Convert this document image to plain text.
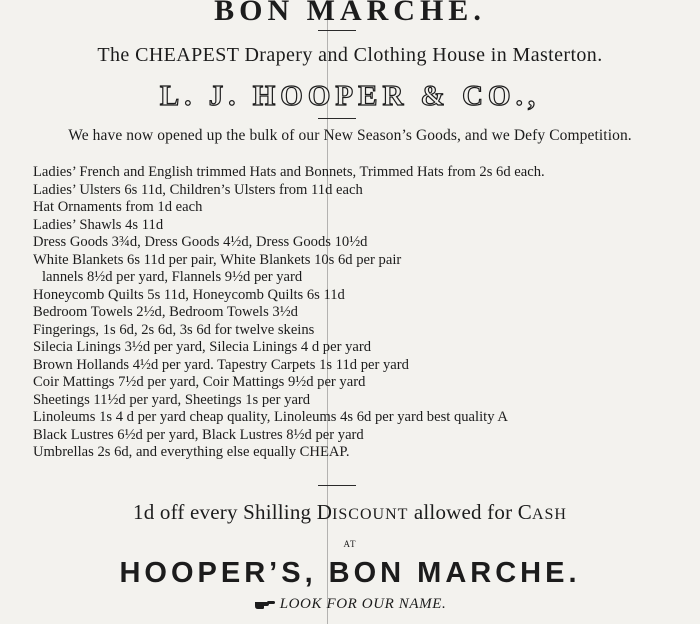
BON MARCHE.
The CHEAPEST Drapery and Clothing House in Masterton.
L. J. HOOPER & CO.,
We have now opened up the bulk of our New Season’s Goods, and we Defy Competition.
Ladies’ French and English trimmed Hats and Bonnets, Trimmed Hats from 2s 6d each.
Ladies’ Ulsters 6s 11d, Children’s Ulsters from 11d each
Hat Ornaments from 1d each
Ladies’ Shawls 4s 11d
Dress Goods 3¾d, Dress Goods 4½d, Dress Goods 10½d
White Blankets 6s 11d per pair, White Blankets 10s 6d per pair
lannels 8½d per yard, Flannels 9½d per yard
Honeycomb Quilts 5s 11d, Honeycomb Quilts 6s 11d
Bedroom Towels 2½d, Bedroom Towels 3½d
Fingerings, 1s 6d, 2s 6d, 3s 6d for twelve skeins
Silecia Linings 3½d per yard, Silecia Linings 4 d per yard
Brown Hollands 4½d per yard. Tapestry Carpets 1s 11d per yard
Coir Mattings 7½d per yard, Coir Mattings 9½d per yard
Sheetings 11½d per yard, Sheetings 1s per yard
Linoleums 1s 4 d per yard cheap quality, Linoleums 4s 6d per yard best quality A
Black Lustres 6½d per yard, Black Lustres 8½d per yard
Umbrellas 2s 6d, and everything else equally CHEAP.
1d off every Shilling DISCOUNT allowed for CASH
AT
HOOPER’S, BON MARCHE.
LOOK FOR OUR NAME.
